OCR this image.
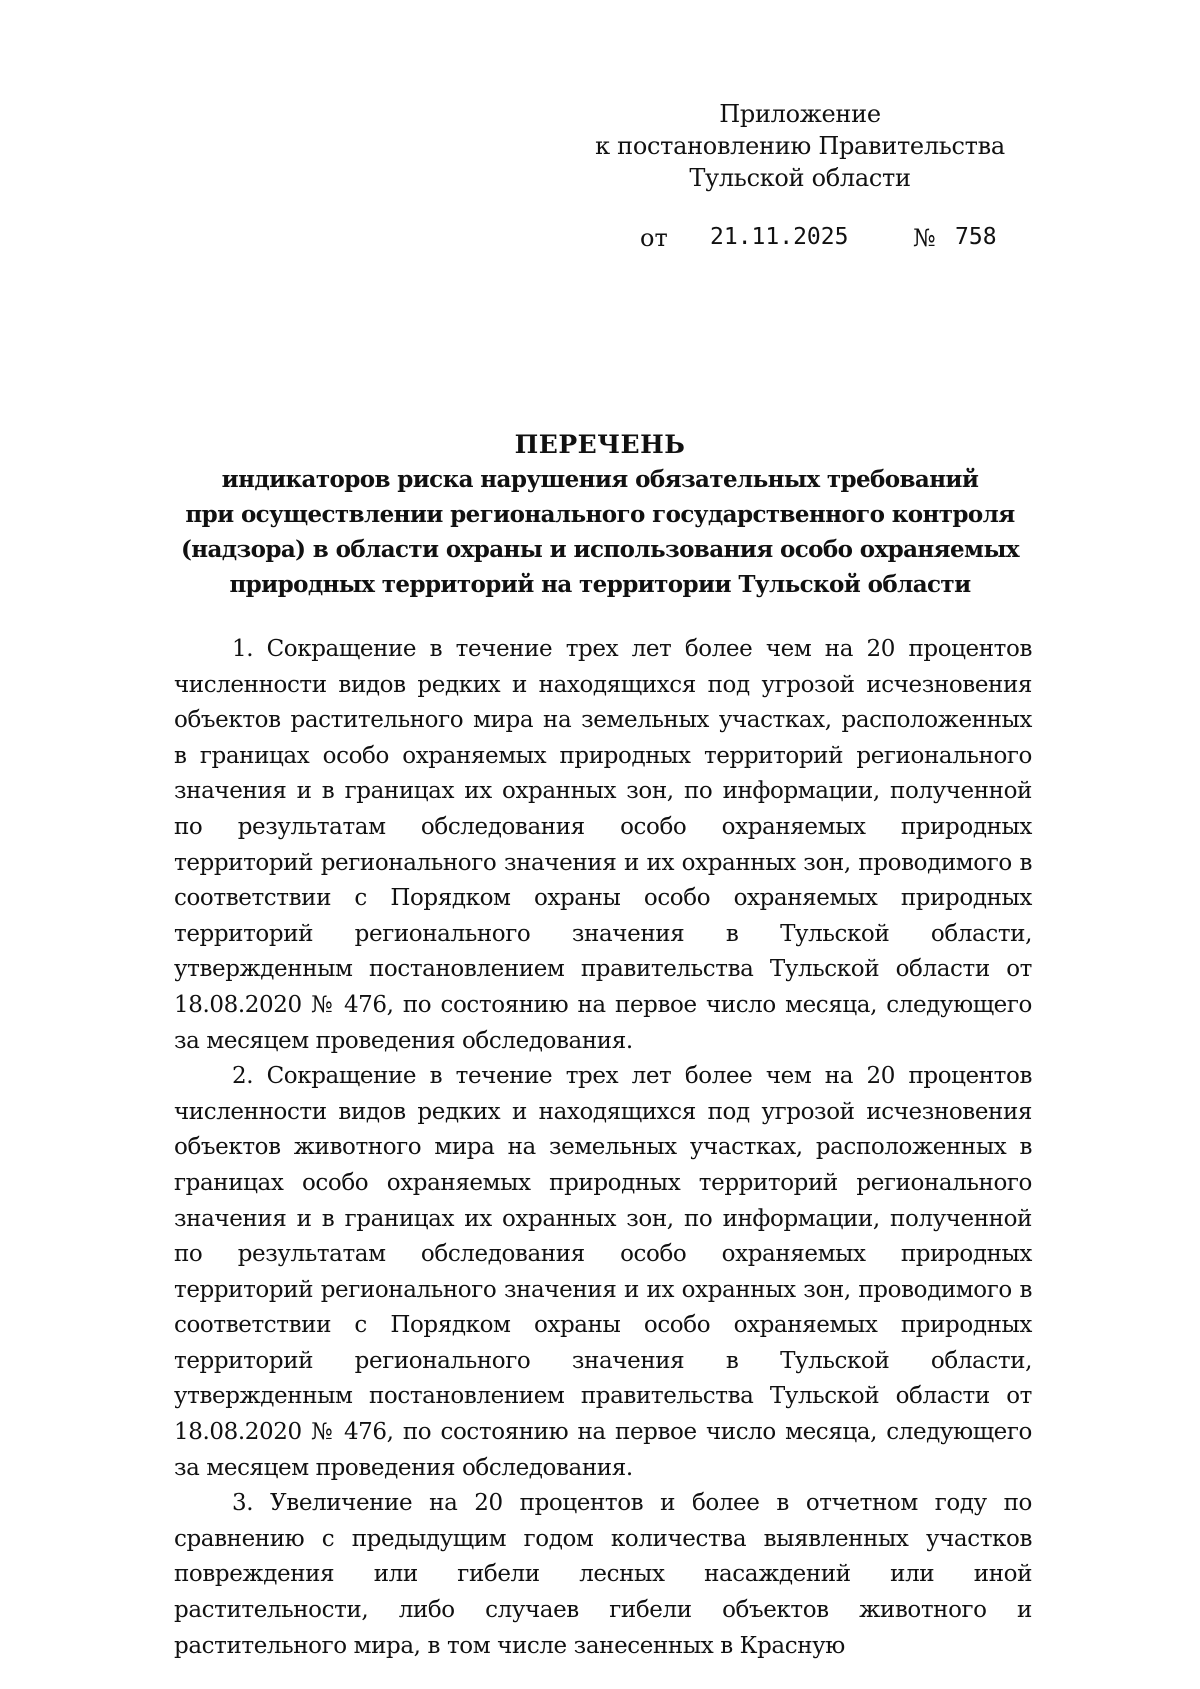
Приложение
к постановлению Правительства
Тульской области
от 21.11.2025	№ 758
ПЕРЕЧЕНЬ
индикаторов риска нарушения обязательных требований
при осуществлении регионального государственного контроля
(надзора) в области охраны и использования особо охраняемых
природных территорий на территории Тульской области

1. Сокращение в течение трех лет более чем на 20 процентов численности видов редких и находящихся под угрозой исчезновения объектов растительного мира на земельных участках, расположенных в границах особо охраняемых природных территорий регионального значения и в границах их охранных зон, по информации, полученной по результатам обследования особо охраняемых природных территорий регионального значения и их охранных зон, проводимого в соответствии с Порядком охраны особо охраняемых природных территорий регионального значения в Тульской области, утвержденным постановлением правительства Тульской области от 18.08.2020 № 476, по состоянию на первое число месяца, следующего за месяцем проведения обследования.

2. Сокращение в течение трех лет более чем на 20 процентов численности видов редких и находящихся под угрозой исчезновения объектов животного мира на земельных участках, расположенных в границах особо охраняемых природных территорий регионального значения и в границах их охранных зон, по информации, полученной по результатам обследования особо охраняемых природных территорий регионального значения и их охранных зон, проводимого в соответствии с Порядком охраны особо охраняемых природных территорий регионального значения в Тульской области, утвержденным постановлением правительства Тульской области от 18.08.2020 № 476, по состоянию на первое число месяца, следующего за месяцем проведения обследования.

3. Увеличение на 20 процентов и более в отчетном году по сравнению с предыдущим годом количества выявленных участков повреждения или гибели лесных насаждений или иной растительности, либо случаев гибели объектов животного и растительного мира, в том числе занесенных в Красную
